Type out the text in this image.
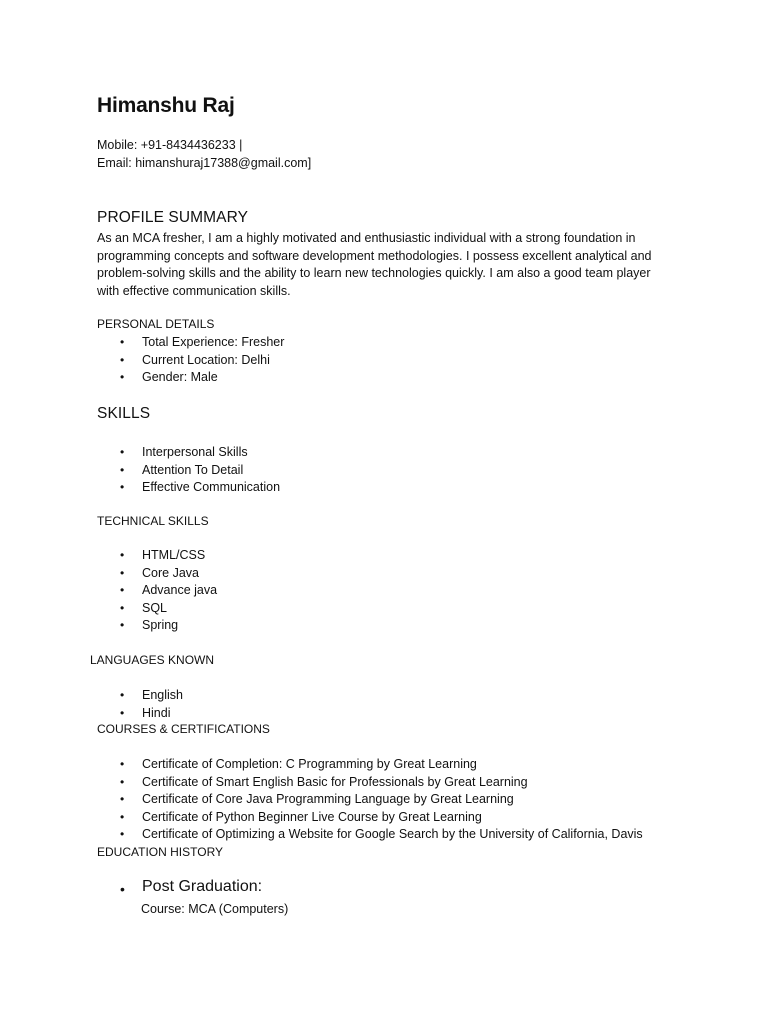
Himanshu Raj
Mobile: +91-8434436233 |
Email: himanshuraj17388@gmail.com]
PROFILE SUMMARY
As an MCA fresher, I am a highly motivated and enthusiastic individual with a strong foundation in programming concepts and software development methodologies. I possess excellent analytical and problem-solving skills and the ability to learn new technologies quickly. I am also a good team player with effective communication skills.
PERSONAL DETAILS
• Total Experience: Fresher
• Current Location: Delhi
• Gender: Male
SKILLS
• Interpersonal Skills
• Attention To Detail
• Effective Communication
TECHNICAL SKILLS
• HTML/CSS
• Core Java
• Advance java
• SQL
• Spring
LANGUAGES KNOWN
• English
• Hindi
COURSES & CERTIFICATIONS
• Certificate of Completion: C Programming by Great Learning
• Certificate of Smart English Basic for Professionals by Great Learning
• Certificate of Core Java Programming Language by Great Learning
• Certificate of Python Beginner Live Course by Great Learning
• Certificate of Optimizing a Website for Google Search by the University of California, Davis
EDUCATION HISTORY
• Post Graduation:
Course: MCA (Computers)
